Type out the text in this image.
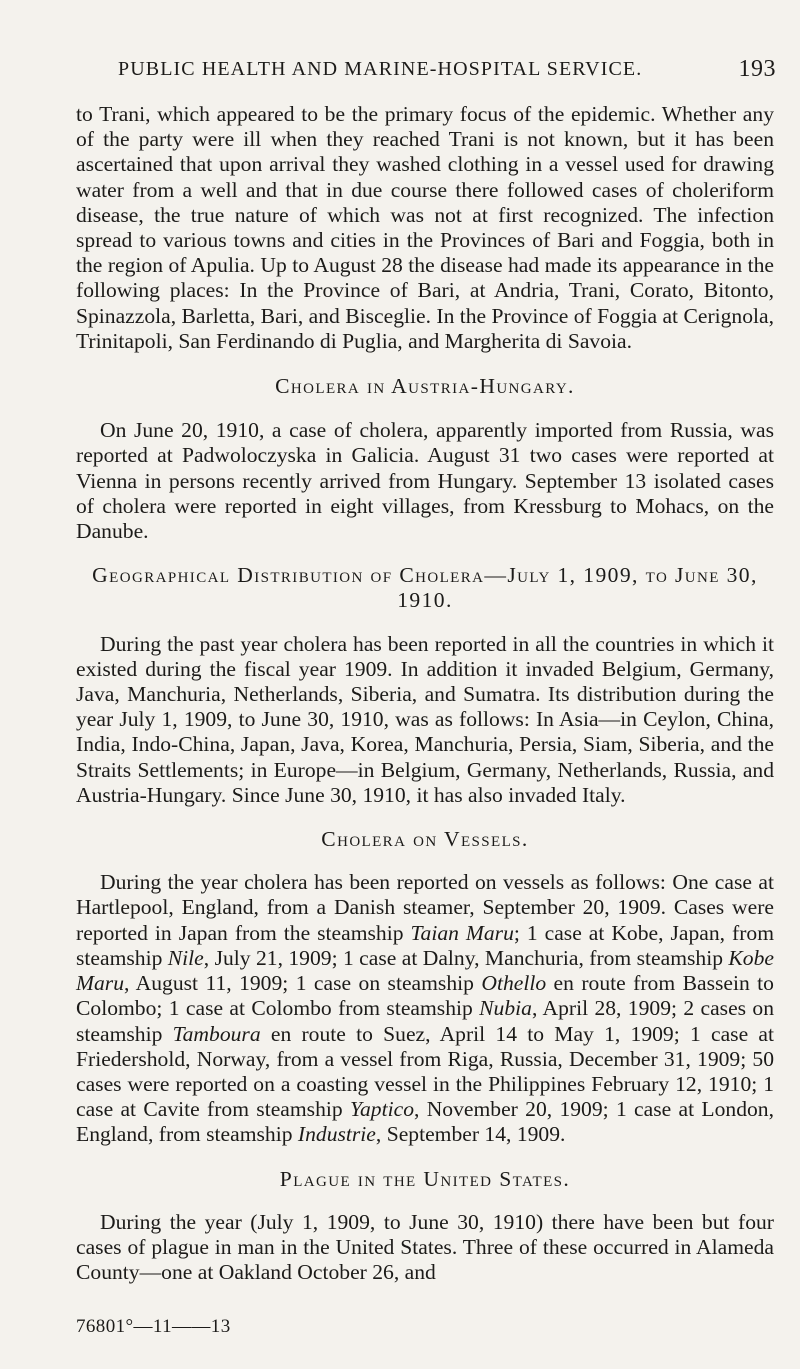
PUBLIC HEALTH AND MARINE-HOSPITAL SERVICE.	193

to Trani, which appeared to be the primary focus of the epidemic. Whether any of the party were ill when they reached Trani is not known, but it has been ascertained that upon arrival they washed clothing in a vessel used for drawing water from a well and that in due course there followed cases of choleriform disease, the true nature of which was not at first recognized. The infection spread to various towns and cities in the Provinces of Bari and Foggia, both in the region of Apulia. Up to August 28 the disease had made its appearance in the following places: In the Province of Bari, at Andria, Trani, Corato, Bitonto, Spinazzola, Barletta, Bari, and Bisceglie. In the Province of Foggia at Cerignola, Trinitapoli, San Ferdinando di Puglia, and Margherita di Savoia.

Cholera in Austria-Hungary.

On June 20, 1910, a case of cholera, apparently imported from Russia, was reported at Padwoloczyska in Galicia. August 31 two cases were reported at Vienna in persons recently arrived from Hungary. September 13 isolated cases of cholera were reported in eight villages, from Kressburg to Mohacs, on the Danube.

Geographical Distribution of Cholera—July 1, 1909, to June 30, 1910.

During the past year cholera has been reported in all the countries in which it existed during the fiscal year 1909. In addition it invaded Belgium, Germany, Java, Manchuria, Netherlands, Siberia, and Sumatra. Its distribution during the year July 1, 1909, to June 30, 1910, was as follows: In Asia—in Ceylon, China, India, Indo-China, Japan, Java, Korea, Manchuria, Persia, Siam, Siberia, and the Straits Settlements; in Europe—in Belgium, Germany, Netherlands, Russia, and Austria-Hungary. Since June 30, 1910, it has also invaded Italy.

Cholera on Vessels.

During the year cholera has been reported on vessels as follows: One case at Hartlepool, England, from a Danish steamer, September 20, 1909. Cases were reported in Japan from the steamship Taian Maru; 1 case at Kobe, Japan, from steamship Nile, July 21, 1909; 1 case at Dalny, Manchuria, from steamship Kobe Maru, August 11, 1909; 1 case on steamship Othello en route from Bassein to Colombo; 1 case at Colombo from steamship Nubia, April 28, 1909; 2 cases on steamship Tamboura en route to Suez, April 14 to May 1, 1909; 1 case at Friedershold, Norway, from a vessel from Riga, Russia, December 31, 1909; 50 cases were reported on a coasting vessel in the Philippines February 12, 1910; 1 case at Cavite from steamship Yaptico, November 20, 1909; 1 case at London, England, from steamship Industrie, September 14, 1909.

Plague in the United States.

During the year (July 1, 1909, to June 30, 1910) there have been but four cases of plague in man in the United States. Three of these occurred in Alameda County—one at Oakland October 26, and

76801°—11——13
